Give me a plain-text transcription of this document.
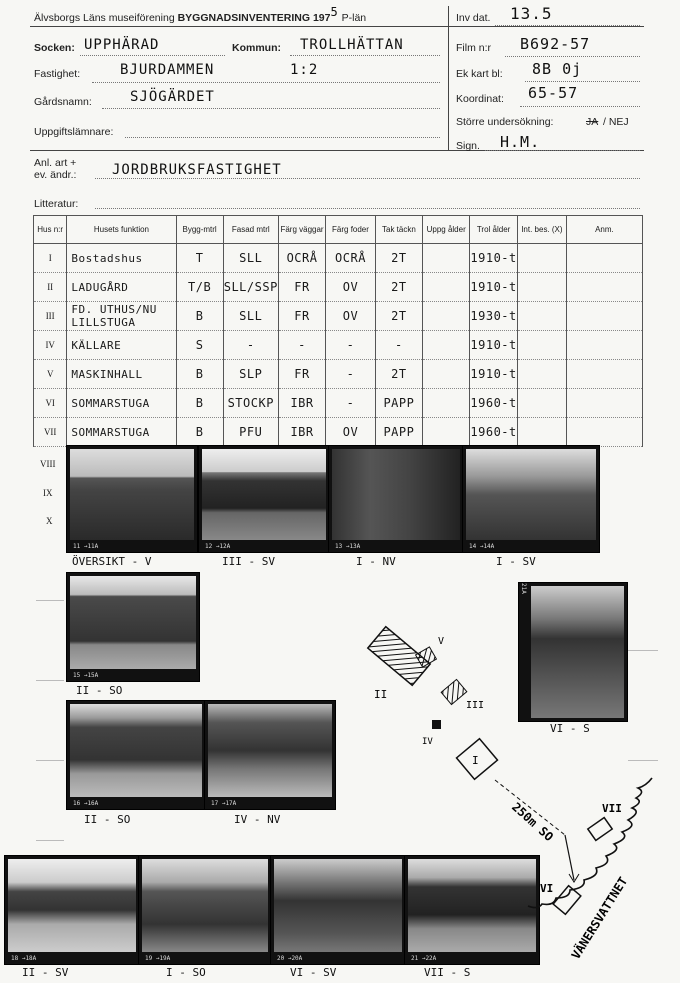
Älvsborgs Läns museiförening BYGGNADSINVENTERING 1975 P-län
Socken: UPPHÄRAD	Kommun: TROLLHÄTTAN
Fastighet:	BJURDAMMEN	1:2
Gårdsnamn:	SJÖGÄRDET
Uppgiftslämnare:
Anl. art +
ev. ändr.:	JORDBRUKSFASTIGHET
Litteratur:
Inv dat. 13.5
Film n:r B692-57
Ek kart bl: 8B 0j
Koordinat: 65-57
Större undersökning:	JA / NEJ
Sign. H.M.
Hus n:r	Husets funktion	Bygg-mtrl	Fasad mtrl	Färg väggar	Färg foder	Tak täckn	Uppg ålder	Trol ålder	Int. bes. (X)	Anm.
I	Bostadshus	T	SLL	OCRÅ	OCRÅ	2T		1910-t		
II	LADUGÅRD	T/B	SLL/SSP	FR	OV	2T		1910-t		
III	FD. UTHUS/NU LILLSTUGA	B	SLL	FR	OV	2T		1930-t		
IV	KÄLLARE	S	-	-	-	-		1910-t		
V	MASKINHALL	B	SLP	FR	-	2T		1910-t		
VI	SOMMARSTUGA	B	STOCKP	IBR	-	PAPP		1960-t		
VII	SOMMARSTUGA	B	PFU	IBR	OV	PAPP		1960-t		
VIII
IX
X
11 →11A	12 →12A	13 →13A	14 →14A
ÖVERSIKT - V	III - SV	I - NV	I - SV
15 →15A
II - SO
21A
VI - S
16 →16A	17 →17A
II - SO	IV - NV
18 →18A	19 →19A	20 →20A	21 →22A
II - SV	I - SO	VI - SV	VII - S
II
V
III
IV
I
250m SO	VII
VI VÄNERSVATTNET
